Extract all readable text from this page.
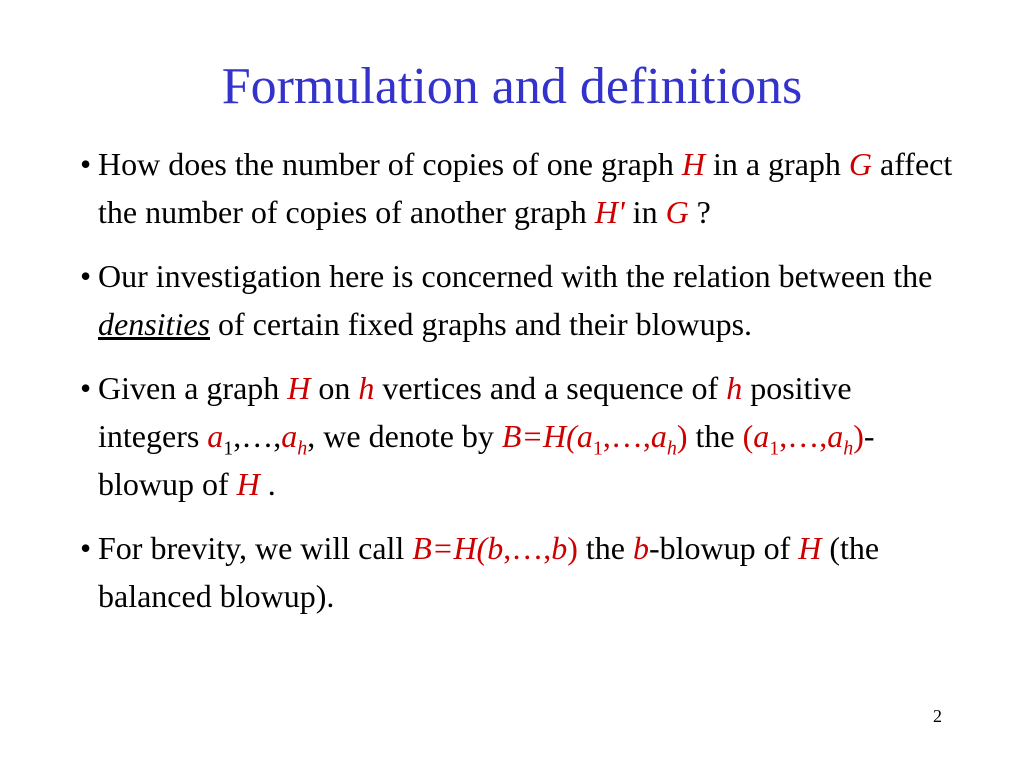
Formulation and definitions
• How does the number of copies of one graph H in a graph G affect the number of copies of another graph H' in G ?
• Our investigation here is concerned with the relation between the densities of certain fixed graphs and their blowups.
• Given a graph H on h vertices and a sequence of h positive integers $a_1,\dots,a_h$, we denote by $B=H(a_1,\dots,a_h)$ the $(a_1,\dots,a_h)$-blowup of H .
• For brevity, we will call B=H(b,…,b) the b-blowup of H (the balanced blowup).
2
